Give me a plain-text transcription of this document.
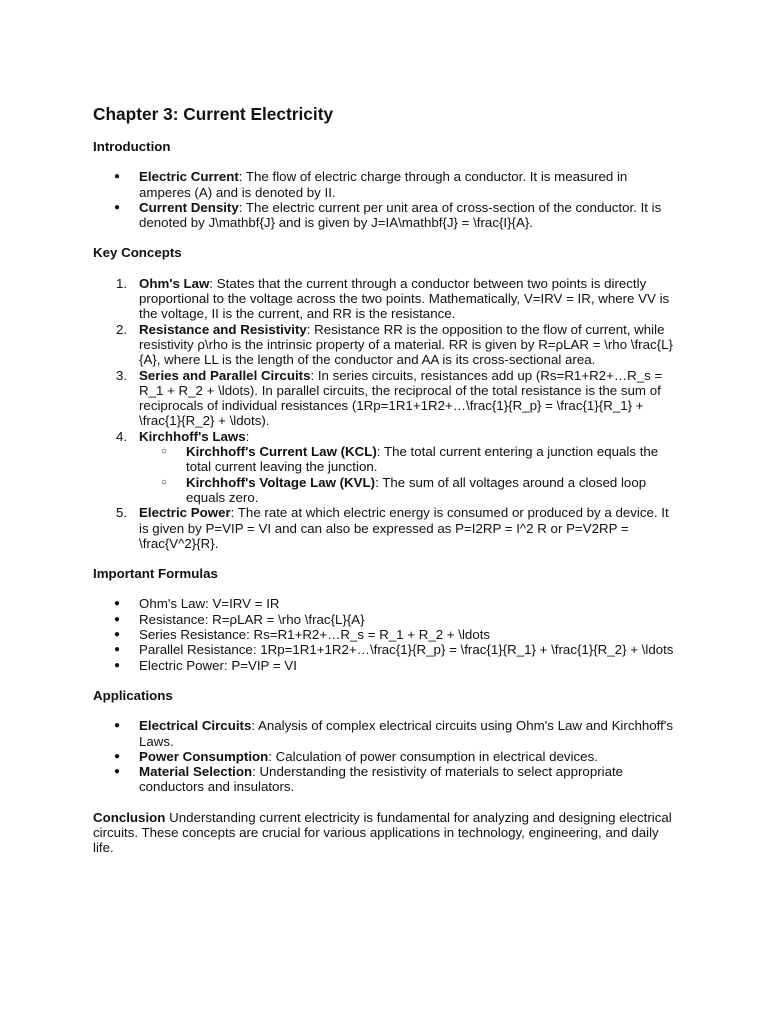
Chapter 3: Current Electricity
Introduction
● Electric Current: The flow of electric charge through a conductor. It is measured in amperes (A) and is denoted by II.
● Current Density: The electric current per unit area of cross-section of the conductor. It is denoted by J\mathbf{J} and is given by J=IA\mathbf{J} = \frac{I}{A}.
Key Concepts
1. Ohm's Law: States that the current through a conductor between two points is directly proportional to the voltage across the two points. Mathematically, V=IRV = IR, where VV is the voltage, II is the current, and RR is the resistance.
2. Resistance and Resistivity: Resistance RR is the opposition to the flow of current, while resistivity ρ\rho is the intrinsic property of a material. RR is given by R=ρLAR = \rho \frac{L}{A}, where LL is the length of the conductor and AA is its cross-sectional area.
3. Series and Parallel Circuits: In series circuits, resistances add up (Rs=R1+R2+…R_s = R_1 + R_2 + \ldots). In parallel circuits, the reciprocal of the total resistance is the sum of reciprocals of individual resistances (1Rp=1R1+1R2+…\frac{1}{R_p} = \frac{1}{R_1} + \frac{1}{R_2} + \ldots).
4. Kirchhoff's Laws:
○ Kirchhoff's Current Law (KCL): The total current entering a junction equals the total current leaving the junction.
○ Kirchhoff's Voltage Law (KVL): The sum of all voltages around a closed loop equals zero.
5. Electric Power: The rate at which electric energy is consumed or produced by a device. It is given by P=VIP = VI and can also be expressed as P=I2RP = I^2 R or P=V2RP = \frac{V^2}{R}.
Important Formulas
● Ohm's Law: V=IRV = IR
● Resistance: R=ρLAR = \rho \frac{L}{A}
● Series Resistance: Rs=R1+R2+…R_s = R_1 + R_2 + \ldots
● Parallel Resistance: 1Rp=1R1+1R2+…\frac{1}{R_p} = \frac{1}{R_1} + \frac{1}{R_2} + \ldots
● Electric Power: P=VIP = VI
Applications
● Electrical Circuits: Analysis of complex electrical circuits using Ohm's Law and Kirchhoff's Laws.
● Power Consumption: Calculation of power consumption in electrical devices.
● Material Selection: Understanding the resistivity of materials to select appropriate conductors and insulators.

Conclusion Understanding current electricity is fundamental for analyzing and designing electrical circuits. These concepts are crucial for various applications in technology, engineering, and daily life.
